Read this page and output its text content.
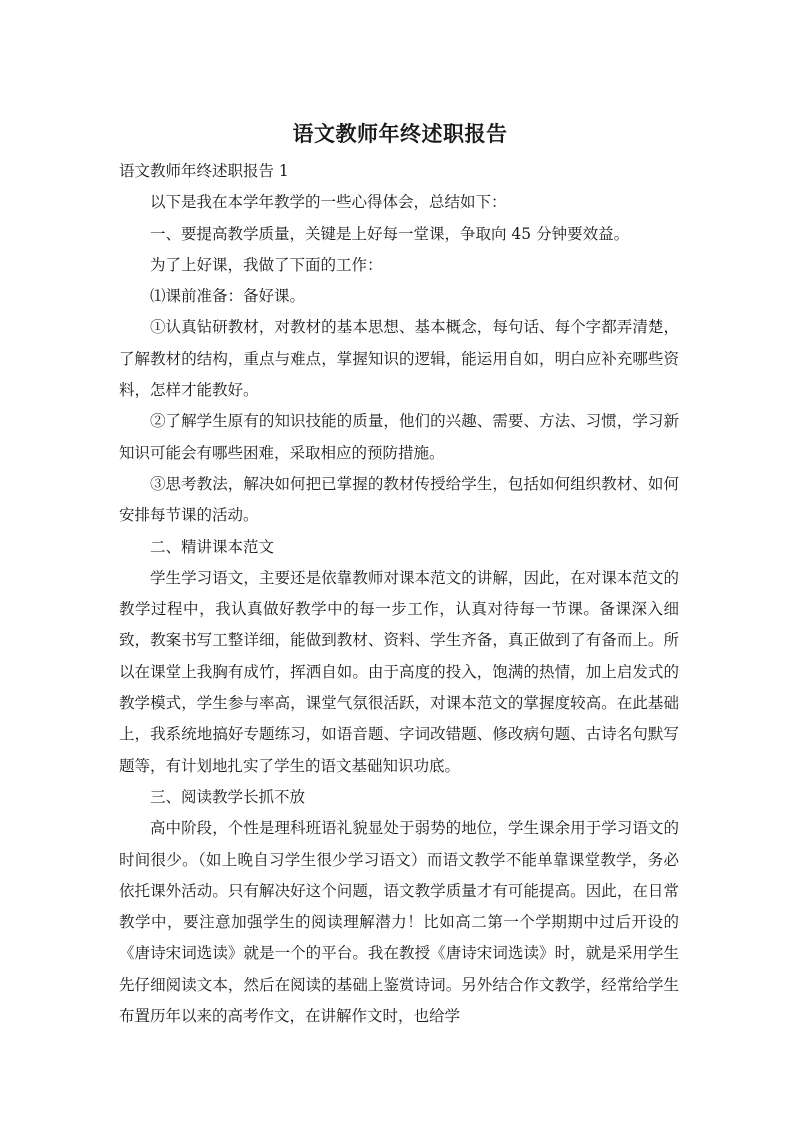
语文教师年终述职报告

语文教师年终述职报告 1

以下是我在本学年教学的一些心得体会，总结如下：

一、要提高教学质量，关键是上好每一堂课，争取向 45 分钟要效益。

为了上好课，我做了下面的工作：

⑴课前准备：备好课。

①认真钻研教材，对教材的基本思想、基本概念，每句话、每个字都弄清楚，了解教材的结构，重点与难点，掌握知识的逻辑，能运用自如，明白应补充哪些资料，怎样才能教好。

②了解学生原有的知识技能的质量，他们的兴趣、需要、方法、习惯，学习新知识可能会有哪些困难，采取相应的预防措施。

③思考教法，解决如何把已掌握的教材传授给学生，包括如何组织教材、如何安排每节课的活动。

二、精讲课本范文

学生学习语文，主要还是依靠教师对课本范文的讲解，因此，在对课本范文的教学过程中，我认真做好教学中的每一步工作，认真对待每一节课。备课深入细致，教案书写工整详细，能做到教材、资料、学生齐备，真正做到了有备而上。所以在课堂上我胸有成竹，挥洒自如。由于高度的投入，饱满的热情，加上启发式的教学模式，学生参与率高，课堂气氛很活跃，对课本范文的掌握度较高。在此基础上，我系统地搞好专题练习，如语音题、字词改错题、修改病句题、古诗名句默写题等，有计划地扎实了学生的语文基础知识功底。

三、阅读教学长抓不放

高中阶段，个性是理科班语礼貌显处于弱势的地位，学生课余用于学习语文的时间很少。（如上晚自习学生很少学习语文）而语文教学不能单靠课堂教学，务必依托课外活动。只有解决好这个问题，语文教学质量才有可能提高。因此，在日常教学中，要注意加强学生的阅读理解潜力！比如高二第一个学期期中过后开设的《唐诗宋词选读》就是一个的平台。我在教授《唐诗宋词选读》时，就是采用学生先仔细阅读文本，然后在阅读的基础上鉴赏诗词。另外结合作文教学，经常给学生布置历年以来的高考作文，在讲解作文时，也给学
